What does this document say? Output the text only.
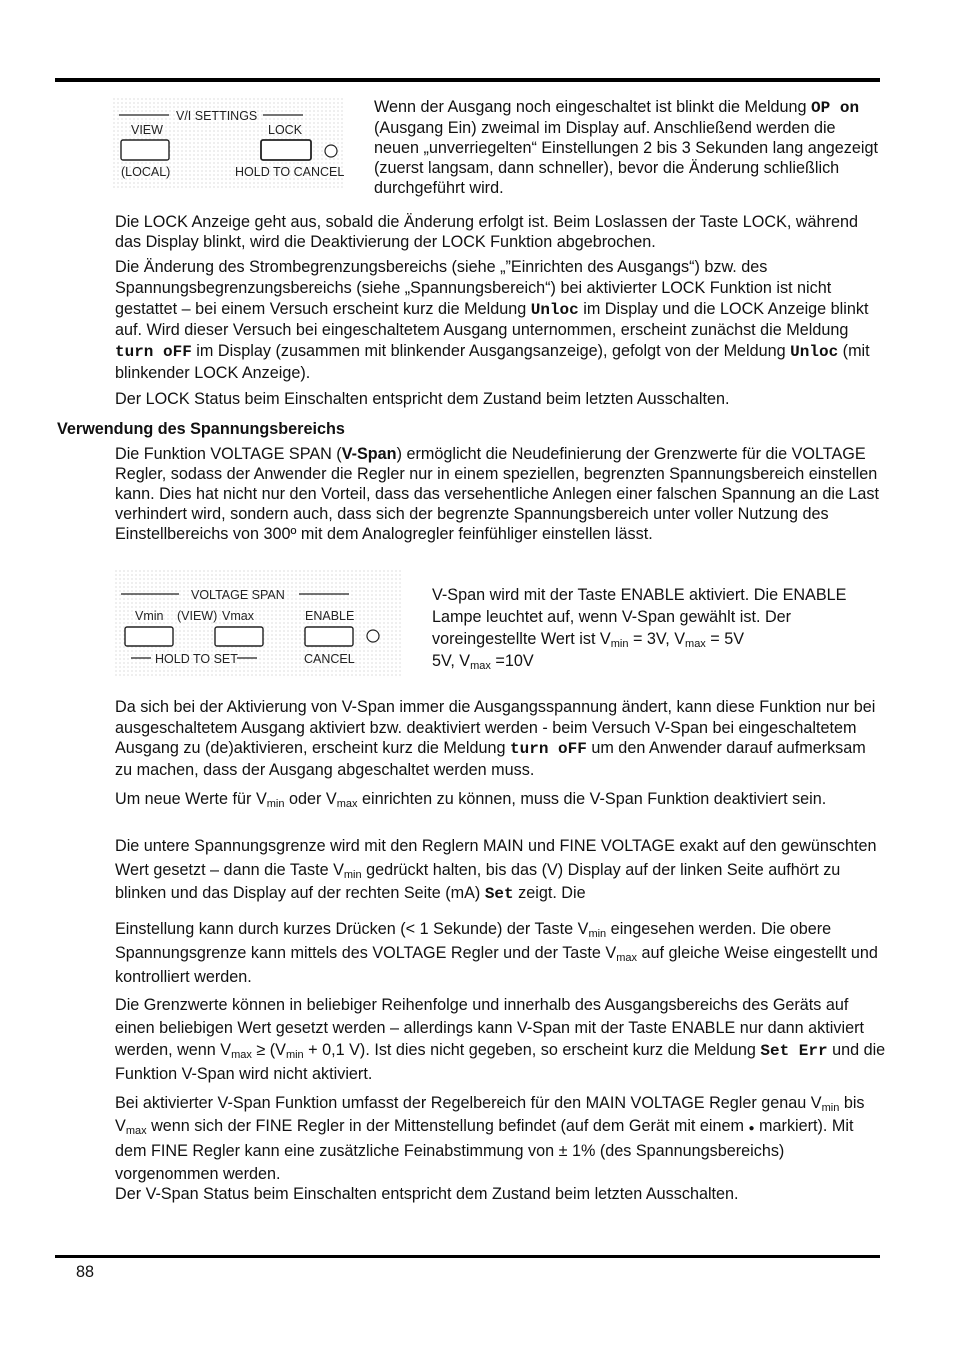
V/I SETTINGS
VIEW	LOCK
(LOCAL)	HOLD TO CANCEL

Wenn der Ausgang noch eingeschaltet ist blinkt die Meldung OP on (Ausgang Ein) zweimal im Display auf. Anschließend werden die neuen „unverriegelten“ Einstellungen 2 bis 3 Sekunden lang angezeigt (zuerst langsam, dann schneller), bevor die Änderung schließlich durchgeführt wird.

Die LOCK Anzeige geht aus, sobald die Änderung erfolgt ist. Beim Loslassen der Taste LOCK, während das Display blinkt, wird die Deaktivierung der LOCK Funktion abgebrochen.

Die Änderung des Strombegrenzungsbereichs (siehe „”Einrichten des Ausgangs“) bzw. des Spannungsbegrenzungsbereichs (siehe „Spannungsbereich“) bei aktivierter LOCK Funktion ist nicht gestattet – bei einem Versuch erscheint kurz die Meldung Unloc im Display und die LOCK Anzeige blinkt auf. Wird dieser Versuch bei eingeschaltetem Ausgang unternommen, erscheint zunächst die Meldung turn oFF im Display (zusammen mit blinkender Ausgangsanzeige), gefolgt von der Meldung Unloc (mit blinkender LOCK Anzeige).

Der LOCK Status beim Einschalten entspricht dem Zustand beim letzten Ausschalten.

Verwendung des Spannungsbereichs

Die Funktion VOLTAGE SPAN (V-Span) ermöglicht die Neudefinierung der Grenzwerte für die VOLTAGE Regler, sodass der Anwender die Regler nur in einem speziellen, begrenzten Spannungsbereich einstellen kann. Dies hat nicht nur den Vorteil, dass das versehentliche Anlegen einer falschen Spannung an die Last verhindert wird, sondern auch, dass sich der begrenzte Spannungsbereich unter voller Nutzung des Einstellbereichs von 300º mit dem Analogregler feinfühliger einstellen lässt.

VOLTAGE SPAN
Vmin (VIEW) Vmax	ENABLE
HOLD TO SET	CANCEL

V-Span wird mit der Taste ENABLE aktiviert. Die ENABLE Lampe leuchtet auf, wenn V-Span gewählt ist. Der voreingestellte Wert ist $V_{min} = 3V$, $V_{max} = 5V$
5V, $V_{max} =10V$

Da sich bei der Aktivierung von V-Span immer die Ausgangsspannung ändert, kann diese Funktion nur bei ausgeschaltetem Ausgang aktiviert bzw. deaktiviert werden - beim Versuch V-Span bei eingeschaltetem Ausgang zu (de)aktivieren, erscheint kurz die Meldung turn oFF um den Anwender darauf aufmerksam zu machen, dass der Ausgang abgeschaltet werden muss.

Um neue Werte für $V_{min}$ oder $V_{max}$ einrichten zu können, muss die V-Span Funktion deaktiviert sein.

Die untere Spannungsgrenze wird mit den Reglern MAIN und FINE VOLTAGE exakt auf den gewünschten Wert gesetzt – dann die Taste $V_{min}$ gedrückt halten, bis das (V) Display auf der linken Seite aufhört zu blinken und das Display auf der rechten Seite (mA) Set zeigt. Die

Einstellung kann durch kurzes Drücken (< 1 Sekunde) der Taste $V_{min}$ eingesehen werden. Die obere Spannungsgrenze kann mittels des VOLTAGE Regler und der Taste $V_{max}$ auf gleiche Weise eingestellt und kontrolliert werden.

Die Grenzwerte können in beliebiger Reihenfolge und innerhalb des Ausgangsbereichs des Geräts auf einen beliebigen Wert gesetzt werden – allerdings kann V-Span mit der Taste ENABLE nur dann aktiviert werden, wenn $V_{max} \ge (V_{min} + 0,1$ V). Ist dies nicht gegeben, so erscheint kurz die Meldung Set Err und die Funktion V-Span wird nicht aktiviert.

Bei aktivierter V-Span Funktion umfasst der Regelbereich für den MAIN VOLTAGE Regler genau $V_{min}$ bis $V_{max}$ wenn sich der FINE Regler in der Mittenstellung befindet (auf dem Gerät mit einem ● markiert). Mit dem FINE Regler kann eine zusätzliche Feinabstimmung von ± 1% (des Spannungsbereichs) vorgenommen werden.

Der V-Span Status beim Einschalten entspricht dem Zustand beim letzten Ausschalten.

88
